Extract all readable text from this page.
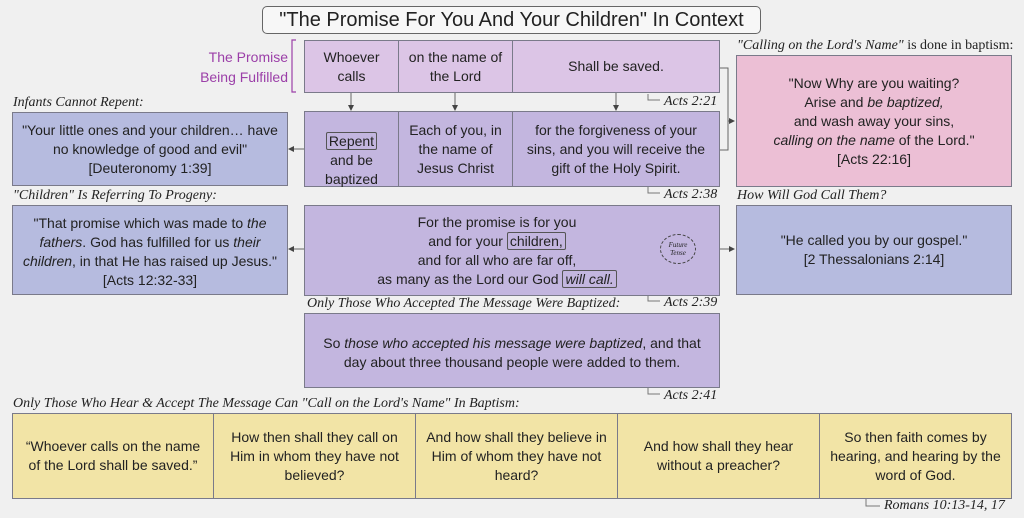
"The Promise For You And Your Children" In Context
The Promise Being Fulfilled
Whoever calls
on the name of the Lord
Shall be saved.
Acts 2:21
Repent and be baptized
Each of you, in the name of Jesus Christ
for the forgiveness of your sins, and you will receive the gift of the Holy Spirit.
Acts 2:38
Infants Cannot Repent:
"Your little ones and your children… have no knowledge of good and evil"
[Deuteronomy 1:39]
"Calling on the Lord's Name" is done in baptism:
"Now Why are you waiting?
Arise and be baptized,
and wash away your sins,
calling on the name of the Lord."
[Acts 22:16]
"Children" Is Referring To Progeny:
"That promise which was made to the fathers. God has fulfilled for us their children, in that He has raised up Jesus."
[Acts 12:32-33]
For the promise is for you
and for your children,
and for all who are far off,
as many as the Lord our God will call.
Future Tense
Acts 2:39
How Will God Call Them?
"He called you by our gospel."
[2 Thessalonians 2:14]
Only Those Who Accepted The Message Were Baptized:
So those who accepted his message were baptized, and that day about three thousand people were added to them.
Acts 2:41
Only Those Who Hear & Accept The Message Can "Call on the Lord's Name" In Baptism:
“Whoever calls on the name of the Lord shall be saved.”
How then shall they call on Him in whom they have not believed?
And how shall they believe in Him of whom they have not heard?
And how shall they hear without a preacher?
So then faith comes by hearing, and hearing by the word of God.
Romans 10:13-14, 17
